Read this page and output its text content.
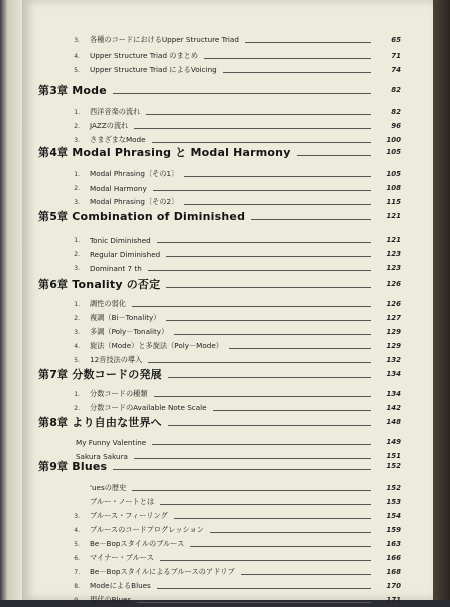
3. 各種のコードにおけるUpper Structure Triad	65
4. Upper Structure Triad のまとめ	71
5. Upper Structure Triad によるVoicing	74
第3章 Mode	82
1. 西洋音楽の流れ	82
2. JAZZの流れ	96
3. さまざまなMode	100
第4章 Modal Phrasing と Modal Harmony	105
1. Modal Phrasing〔その1〕	105
2. Modal Harmony	108
3. Modal Phrasing〔その2〕	115
第5章 Combination of Diminished	121
1. Tonic Diminished	121
2. Regular Diminished	123
3. Dominant 7 th	123
第6章 Tonality の否定	126
1. 調性の弱化	126
2. 複調（Bi－Tonality）	127
3. 多調（Poly－Tonality）	129
4. 旋法（Mode）と多旋法（Poly－Mode）	129
5. 12音技法の導入	132
第7章 分数コードの発展	134
1. 分数コードの種類	134
2. 分数コードのAvailable Note Scale	142
第8章 より自由な世界へ	148
My Funny Valentine	149
Sakura Sakura	151
第9章 Blues	152
'uesの歴史	152
ブルー・ノートとは	153
3. ブルース・フィーリング	154
4. ブルースのコードプログレッション	159
5. Be－Bopスタイルのブルース	163
6. マイナー・ブルース	166
7. Be－Bopスタイルによるブルースのアドリブ	168
8. ModeによるBlues	170
9. 現代のBlues	171
